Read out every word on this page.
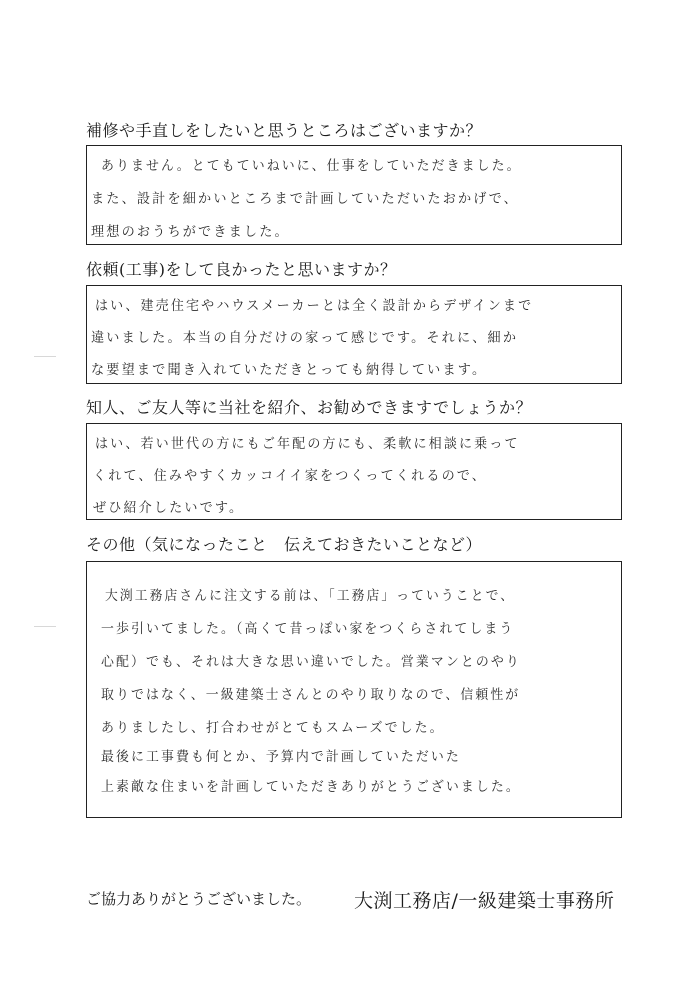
補修や手直しをしたいと思うところはございますか？
ありません。とてもていねいに、仕事をしていただきました。
また、設計を細かいところまで計画していただいたおかげで、
理想のおうちができました。
依頼(工事)をして良かったと思いますか？
はい、建売住宅やハウスメーカーとは全く設計からデザインまで
違いました。本当の自分だけの家って感じです。それに、細か
な要望まで聞き入れていただきとっても納得しています。
知人、ご友人等に当社を紹介、お勧めできますでしょうか？
はい、若い世代の方にもご年配の方にも、柔軟に相談に乗って
くれて、住みやすくカッコイイ家をつくってくれるので、
ぜひ紹介したいです。
その他（気になったこと　伝えておきたいことなど）
大渕工務店さんに注文する前は、「工務店」っていうことで、
一歩引いてました。（高くて昔っぽい家をつくらされてしまう
心配）でも、それは大きな思い違いでした。営業マンとのやり
取りではなく、一級建築士さんとのやり取りなので、信頼性が
ありましたし、打合わせがとてもスムーズでした。
最後に工事費も何とか、予算内で計画していただいた
上素敵な住まいを計画していただきありがとうございました。
ご協力ありがとうございました。 大渕工務店/一級建築士事務所
